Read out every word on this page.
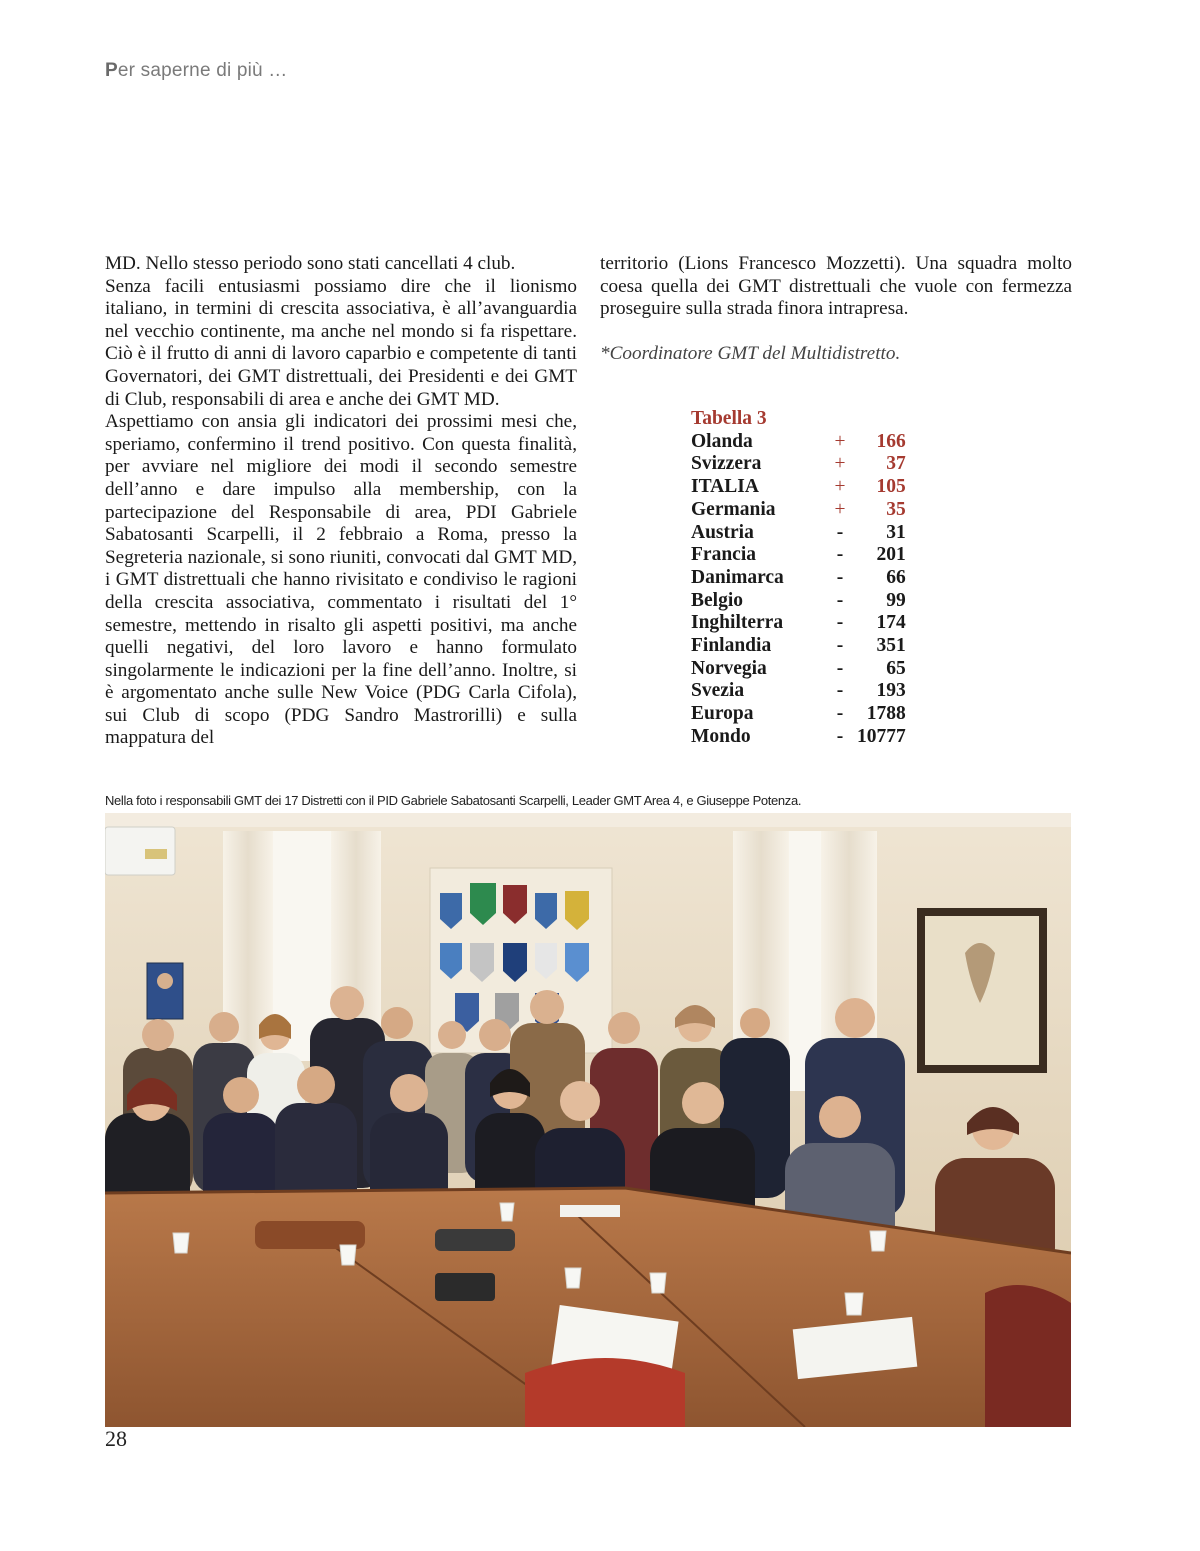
Per saperne di più …

MD. Nello stesso periodo sono stati cancellati 4 club.

Senza facili entusiasmi possiamo dire che il lionismo italiano, in termini di crescita associativa, è all’avanguardia nel vecchio continente, ma anche nel mondo si fa rispettare. Ciò è il frutto di anni di lavoro caparbio e competente di tanti Governatori, dei GMT distrettuali, dei Presidenti e dei GMT di Club, responsabili di area e anche dei GMT MD.

Aspettiamo con ansia gli indicatori dei prossimi mesi che, speriamo, confermino il trend positivo. Con questa finalità, per avviare nel migliore dei modi il secondo semestre dell’anno e dare impulso alla membership, con la partecipazione del Responsabile di area, PDI Gabriele Sabatosanti Scarpelli, il 2 febbraio a Roma, presso la Segreteria nazionale, si sono riuniti, convocati dal GMT MD, i GMT distrettuali che hanno rivisitato e condiviso le ragioni della crescita associativa, commentato i risultati del 1° semestre, mettendo in risalto gli aspetti positivi, ma anche quelli negativi, del loro lavoro e hanno formulato singolarmente le indicazioni per la fine dell’anno. Inoltre, si è argomentato anche sulle New Voice (PDG Carla Cifola), sui Club di scopo (PDG Sandro Mastrorilli) e sulla mappatura del

territorio (Lions Francesco Mozzetti). Una squadra molto coesa quella dei GMT distrettuali che vuole con fermezza proseguire sulla strada finora intrapresa.

*Coordinatore GMT del Multidistretto.

Tabella 3		
Olanda	+	166
Svizzera	+	37
ITALIA	+	105
Germania	+	35
Austria	-	31
Francia	-	201
Danimarca	-	66
Belgio	-	99
Inghilterra	-	174
Finlandia	-	351
Norvegia	-	65
Svezia	-	193
Europa	-	1788
Mondo	-	10777
Nella foto i responsabili GMT dei 17 Distretti con il PID Gabriele Sabatosanti Scarpelli, Leader GMT Area 4, e Giuseppe Potenza.
28
